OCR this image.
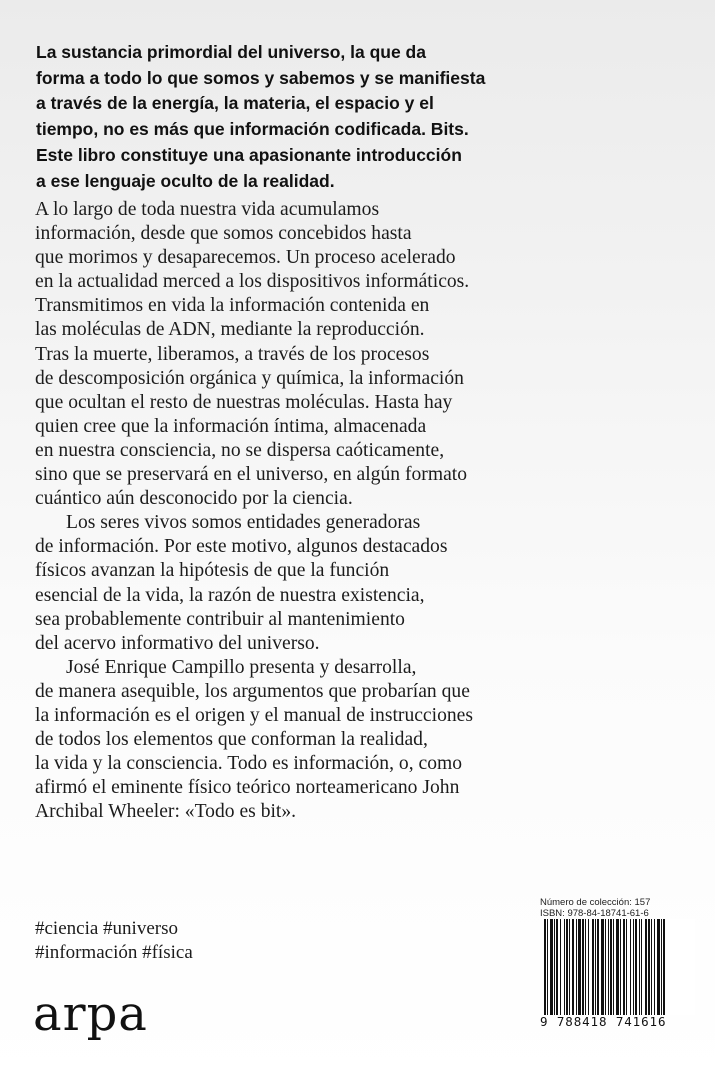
La sustancia primordial del universo, la que da
forma a todo lo que somos y sabemos y se manifiesta
a través de la energía, la materia, el espacio y el
tiempo, no es más que información codificada. Bits.
Este libro constituye una apasionante introducción
a ese lenguaje oculto de la realidad.
A lo largo de toda nuestra vida acumulamos
información, desde que somos concebidos hasta
que morimos y desaparecemos. Un proceso acelerado
en la actualidad merced a los dispositivos informáticos.
Transmitimos en vida la información contenida en
las moléculas de ADN, mediante la reproducción.
Tras la muerte, liberamos, a través de los procesos
de descomposición orgánica y química, la información
que ocultan el resto de nuestras moléculas. Hasta hay
quien cree que la información íntima, almacenada
en nuestra consciencia, no se dispersa caóticamente,
sino que se preservará en el universo, en algún formato
cuántico aún desconocido por la ciencia.
Los seres vivos somos entidades generadoras
de información. Por este motivo, algunos destacados
físicos avanzan la hipótesis de que la función
esencial de la vida, la razón de nuestra existencia,
sea probablemente contribuir al mantenimiento
del acervo informativo del universo.
José Enrique Campillo presenta y desarrolla,
de manera asequible, los argumentos que probarían que
la información es el origen y el manual de instrucciones
de todos los elementos que conforman la realidad,
la vida y la consciencia. Todo es información, o, como
afirmó el eminente físico teórico norteamericano John
Archibal Wheeler: «Todo es bit».
#ciencia #universo
#información #física
arpa
Número de colección: 157
ISBN: 978-84-18741-61-6
9 788418 741616
